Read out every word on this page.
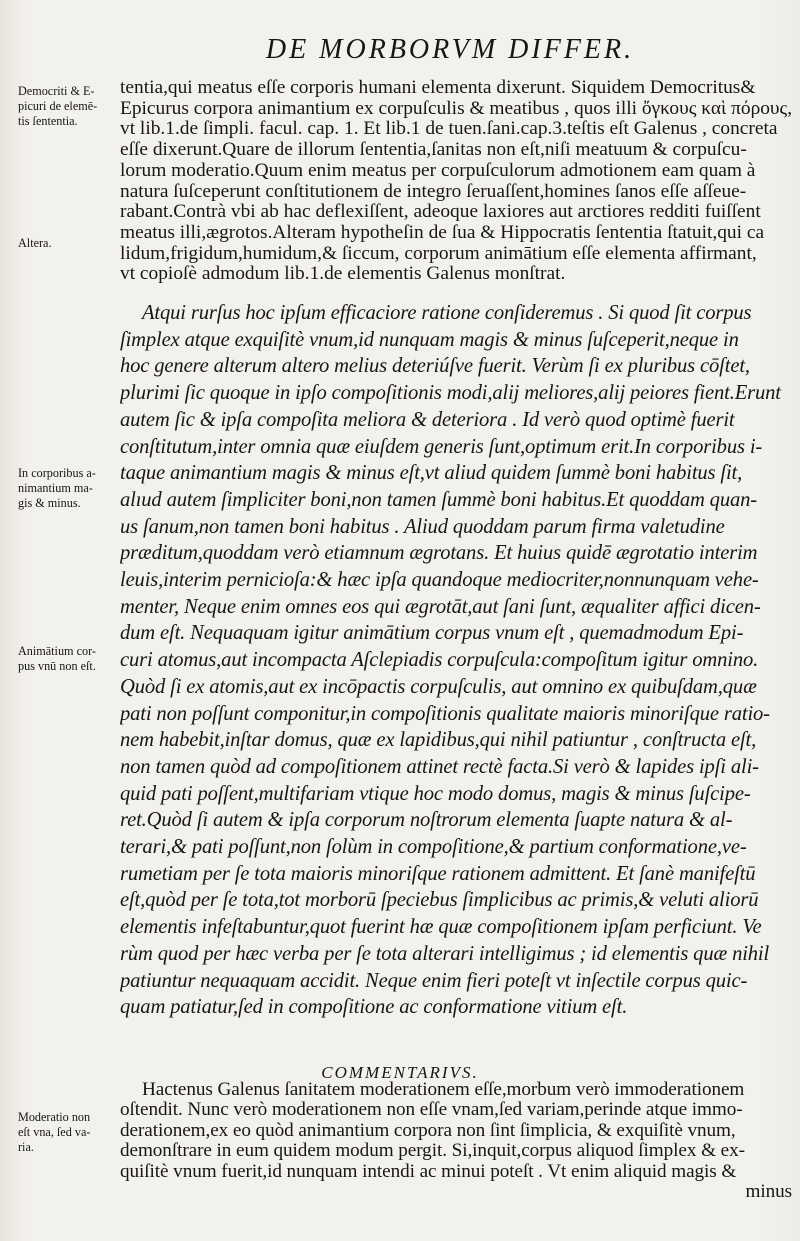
DE MORBORVM DIFFER.
Democriti & E-
picuri de elemē-
tis ſententia.
Altera.
In corporibus a-
nimantium ma-
gis & minus.
Animātium cor-
pus vnū non eſt.
Moderatio non
eſt vna, ſed va-
ria.
tentia,qui meatus eſſe corporis humani elementa dixerunt. Siquidem Democritus&
Epicurus corpora animantium ex corpuſculis & meatibus , quos illi ὄγκους καὶ πόρους,
vt lib.1.de ſimpli. facul. cap. 1. Et lib.1 de tuen.ſani.cap.3.teſtis eſt Galenus , concreta
eſſe dixerunt.Quare de illorum ſententia,ſanitas non eſt,niſi meatuum & corpuſcu-
lorum moderatio.Quum enim meatus per corpuſculorum admotionem eam quam à
natura ſuſceperunt conſtitutionem de integro ſeruaſſent,homines ſanos eſſe aſſeue-
rabant.Contrà vbi ab hac deflexiſſent, adeoque laxiores aut arctiores redditi fuiſſent
meatus illi,ægrotos.Alteram hypotheſin de ſua & Hippocratis ſententia ſtatuit,qui ca
lidum,frigidum,humidum,& ſiccum, corporum animātium eſſe elementa affirmant,
vt copioſè admodum lib.1.de elementis Galenus monſtrat.
Atqui rurſus hoc ipſum efficaciore ratione conſideremus . Si quod ſit corpus
ſimplex atque exquiſitè vnum,id nunquam magis & minus ſuſceperit,neque in
hoc genere alterum altero melius deteriúſve fuerit. Verùm ſi ex pluribus cōſtet,
plurimi ſic quoque in ipſo compoſitionis modi,alij meliores,alij peiores fient.Erunt
autem ſic & ipſa compoſita meliora & deteriora . Id verò quod optimè fuerit
conſtitutum,inter omnia quæ eiuſdem generis ſunt,optimum erit.In corporibus i-
taque animantium magis & minus eſt,vt aliud quidem ſummè boni habitus ſit,
alıud autem ſimpliciter boni,non tamen ſummè boni habitus.Et quoddam quan-
us ſanum,non tamen boni habitus . Aliud quoddam parum firma valetudine
præditum,quoddam verò etiamnum ægrotans. Et huius quidē ægrotatio interim
leuis,interim pernicioſa:& hæc ipſa quandoque mediocriter,nonnunquam vehe-
menter, Neque enim omnes eos qui ægrotāt,aut ſani ſunt, æqualiter affici dicen-
dum eſt. Nequaquam igitur animātium corpus vnum eſt , quemadmodum Epi-
curi atomus,aut incompacta Aſclepiadis corpuſcula:compoſitum igitur omnino.
Quòd ſi ex atomis,aut ex incōpactis corpuſculis, aut omnino ex quibuſdam,quæ
pati non poſſunt componitur,in compoſitionis qualitate maioris minoriſque ratio-
nem habebit,inſtar domus, quæ ex lapidibus,qui nihil patiuntur , conſtructa eſt,
non tamen quòd ad compoſitionem attinet rectè facta.Si verò & lapides ipſi ali-
quid pati poſſent,multifariam vtique hoc modo domus, magis & minus ſuſcipe-
ret.Quòd ſi autem & ipſa corporum noſtrorum elementa ſuapte natura & al-
terari,& pati poſſunt,non ſolùm in compoſitione,& partium conformatione,ve-
rumetiam per ſe tota maioris minoriſque rationem admittent. Et ſanè manifeſtū
eſt,quòd per ſe tota,tot morborū ſpeciebus ſimplicibus ac primis,& veluti aliorū
elementis infeſtabuntur,quot fuerint hæ quæ compoſitionem ipſam perficiunt. Ve
rùm quod per hæc verba per ſe tota alterari intelligimus ; id elementis quæ nihil
patiuntur nequaquam accidit. Neque enim fieri poteſt vt inſectile corpus quic-
quam patiatur,ſed in compoſitione ac conformatione vitium eſt.
COMMENTARIVS.
Hactenus Galenus ſanitatem moderationem eſſe,morbum verò immoderationem
oſtendit. Nunc verò moderationem non eſſe vnam,ſed variam,perinde atque immo-
derationem,ex eo quòd animantium corpora non ſint ſimplicia, & exquiſitè vnum,
demonſtrare in eum quidem modum pergit. Si,inquit,corpus aliquod ſimplex & ex-
quiſitè vnum fuerit,id nunquam intendi ac minui poteſt . Vt enim aliquid magis &
minus
